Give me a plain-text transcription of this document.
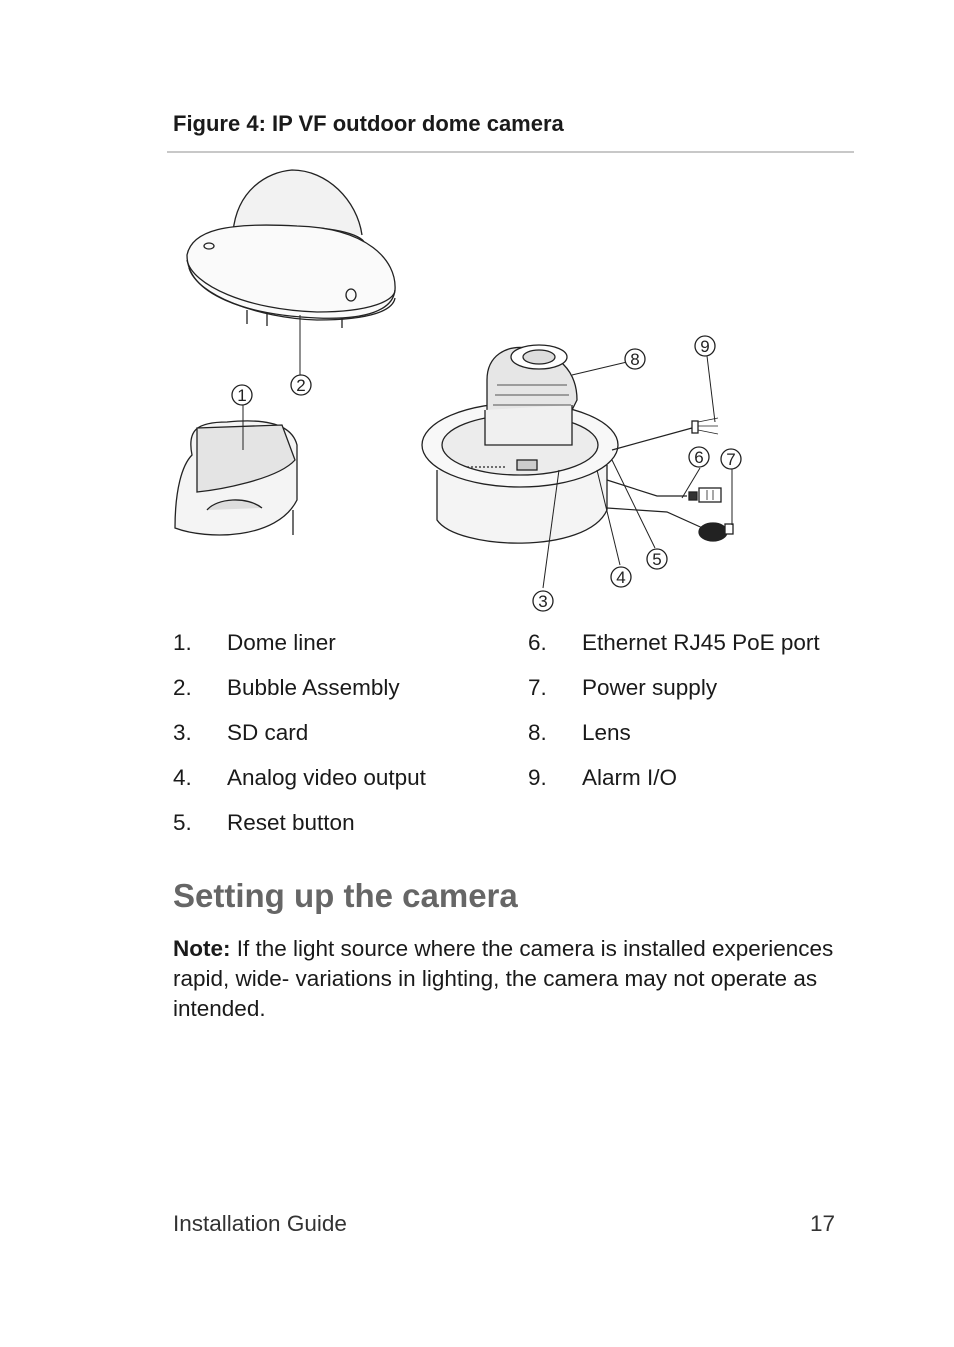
Figure 4: IP VF outdoor dome camera
1
2
3
4
5
6 7
8
9
1. Dome liner
2. Bubble Assembly
3. SD card
4. Analog video output
5. Reset button
6. Ethernet RJ45 PoE port
7. Power supply
8. Lens
9. Alarm I/O
Setting up the camera
Note: If the light source where the camera is installed experiences rapid, wide- variations in lighting, the camera may not operate as intended.
Installation Guide	17
